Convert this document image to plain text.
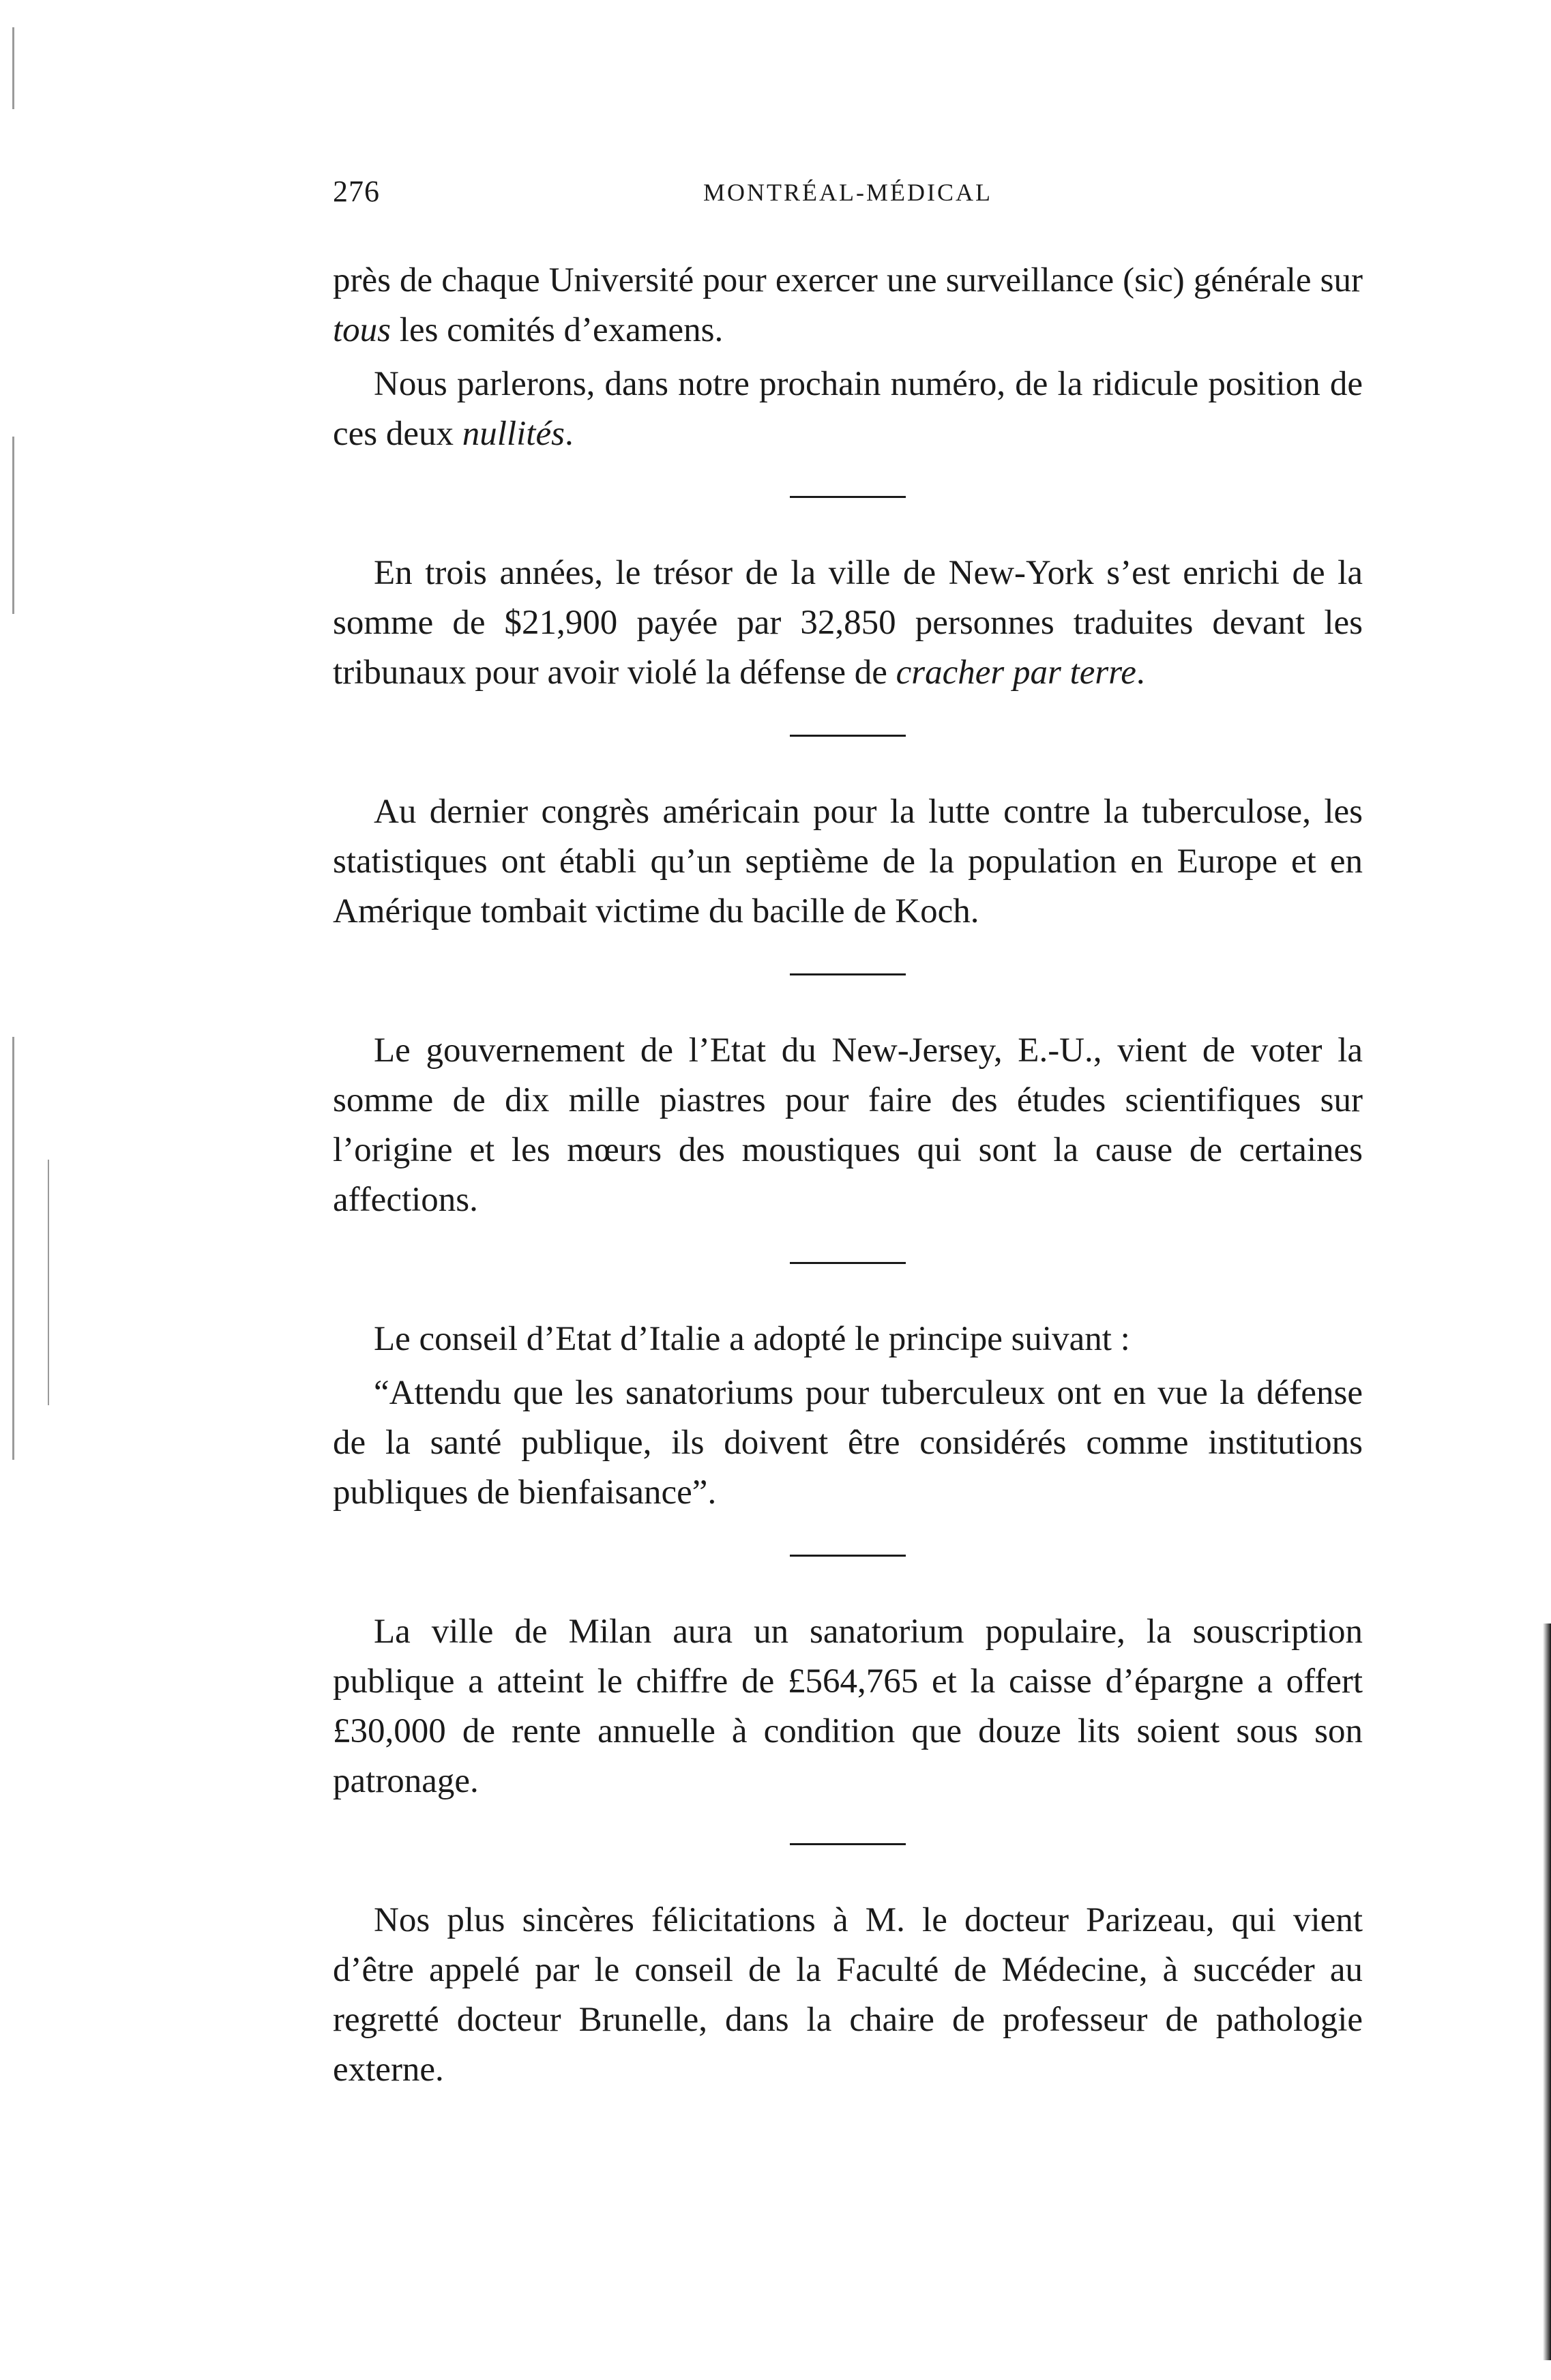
276	MONTRÉAL-MÉDICAL

près de chaque Université pour exercer une surveillance (sic) générale sur tous les comités d’examens.

Nous parlerons, dans notre prochain numéro, de la ridicule position de ces deux nullités.

En trois années, le trésor de la ville de New-York s’est enrichi de la somme de $21,900 payée par 32,850 personnes traduites devant les tribunaux pour avoir violé la défense de cracher par terre.

Au dernier congrès américain pour la lutte contre la tuberculose, les statistiques ont établi qu’un septième de la population en Europe et en Amérique tombait victime du bacille de Koch.

Le gouvernement de l’Etat du New-Jersey, E.-U., vient de voter la somme de dix mille piastres pour faire des études scientifiques sur l’origine et les mœurs des moustiques qui sont la cause de certaines affections.

Le conseil d’Etat d’Italie a adopté le principe suivant :

“Attendu que les sanatoriums pour tuberculeux ont en vue la défense de la santé publique, ils doivent être considérés comme institutions publiques de bienfaisance”.

La ville de Milan aura un sanatorium populaire, la souscription publique a atteint le chiffre de £564,765 et la caisse d’épargne a offert £30,000 de rente annuelle à condition que douze lits soient sous son patronage.

Nos plus sincères félicitations à M. le docteur Parizeau, qui vient d’être appelé par le conseil de la Faculté de Médecine, à succéder au regretté docteur Brunelle, dans la chaire de professeur de pathologie externe.
